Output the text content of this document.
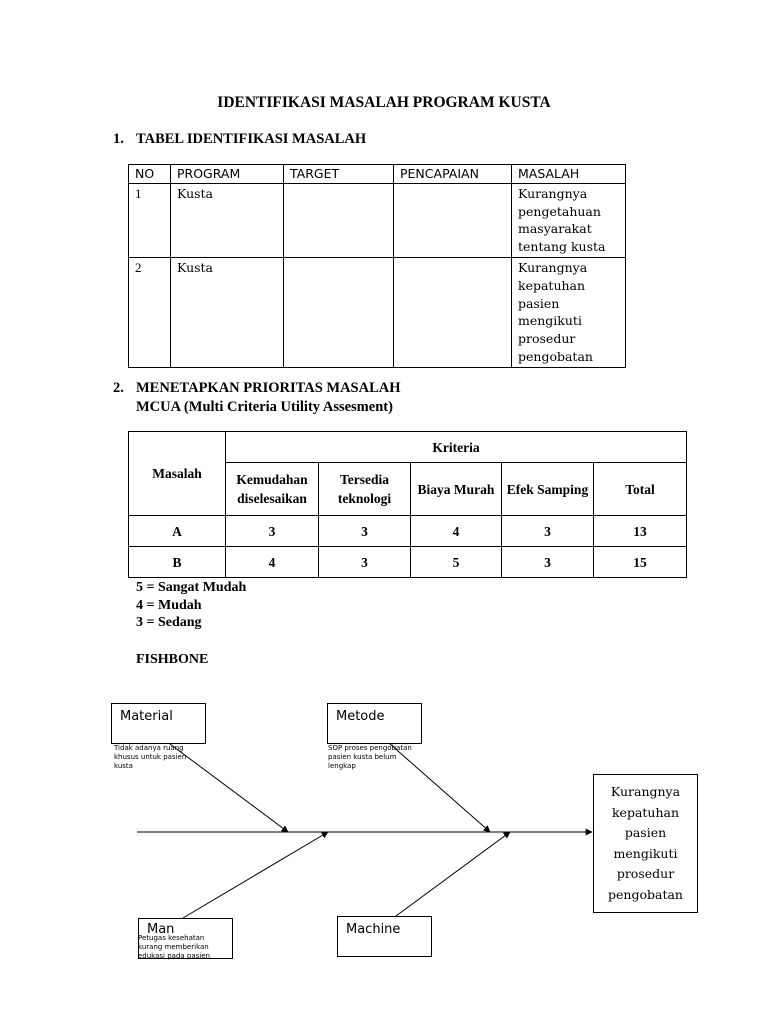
IDENTIFIKASI MASALAH PROGRAM KUSTA
1. TABEL IDENTIFIKASI MASALAH
NO	PROGRAM	TARGET	PENCAPAIAN	MASALAH
1	Kusta			Kurangnya pengetahuan masyarakat tentang kusta
2	Kusta			Kurangnya kepatuhan pasien mengikuti prosedur pengobatan
2. MENETAPKAN PRIORITAS MASALAH
MCUA (Multi Criteria Utility Assesment)
Masalah	Kriteria				
	Kemudahan diselesaikan	Tersedia teknologi	Biaya Murah	Efek Samping	Total
A	3	3	4	3	13
B	4	3	5	3	15
5 = Sangat Mudah
4 = Mudah
3 = Sedang
FISHBONE
Material	Metode
Man	Machine
Tidak adanya ruang khusus untuk pasien kusta
SOP proses pengobatan pasien kusta belum lengkap
Petugas kesehatan kurang memberikan edukasi pada pasien
Kurangnya kepatuhan pasien mengikuti prosedur pengobatan
